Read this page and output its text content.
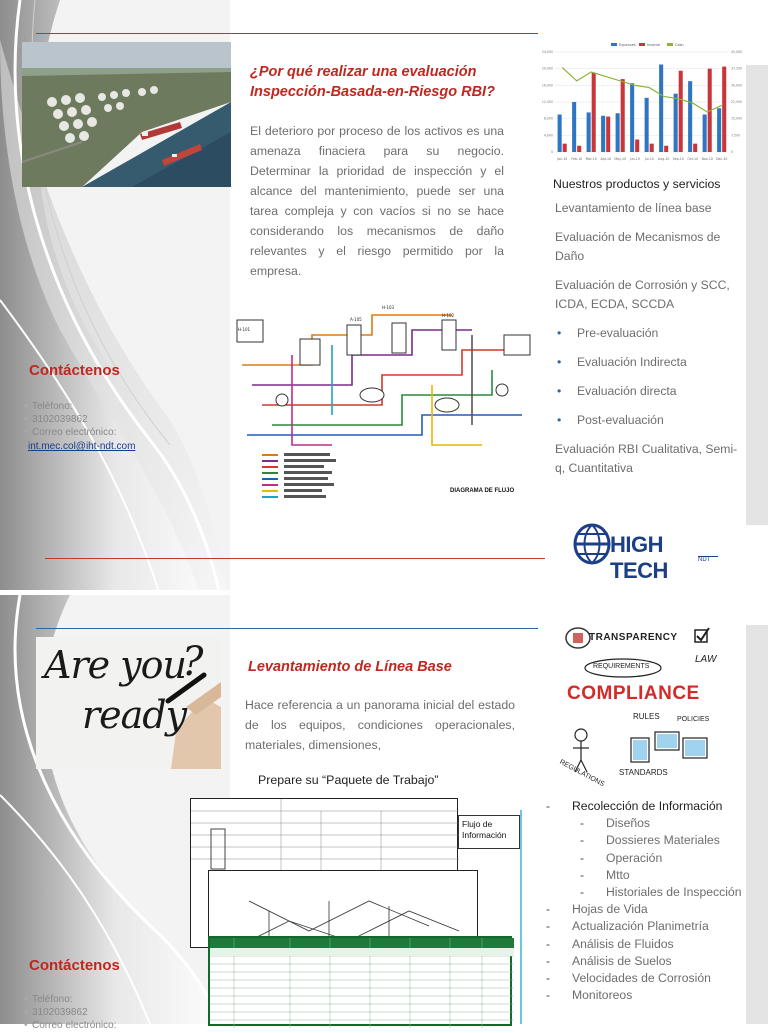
¿Por qué realizar una evaluación Inspección-Basada-en-Riesgo RBI?
El deterioro por proceso de los activos es una amenaza finaciera para su negocio. Determinar la prioridad de inspección y el alcance del mantenimiento, puede ser una tarea compleja y con vacíos si no se hace considerando los mecanismos de daño relevantes y el riesgo permitido por la empresa.
Jan-10 Feb-10 Mar-10 Apr-10 May-10	Jun-10	Jul-10 Aug-10 Sep-10 Oct-10 Nov-10 Dec-10
Expenses	Income	Cash
0	0
4,000	7,500
8,000	15,000
12,000	22,500
16,000	30,000
20,000	37,500
24,000	45,000
Nuestros productos y servicios
Levantamiento de línea base
Evaluación de Mecanismos de Daño
Evaluación de Corrosión y SCC, ICDA, ECDA, SCCDA
• Pre-evaluación
• Evaluación Indirecta
• Evaluación directa
• Post-evaluación
Evaluación RBI Cualitativa, Semi-q, Cuantitativa
H-101
A-105
H-102
H-103
DIAGRAMA DE FLUJO
Contáctenos
• Teléfono:
• 3102039862
• Correo electrónico:
int.mec.col@iht-ndt.com
HIGH TECH	NDT
Are you
ready
?	Levantamiento de Línea Base
Hace referencia a un panorama inicial del estado de los equipos, condiciones operacionales, materiales, dimensiones,
TRANSPARENCY
LAW
REQUIREMENTS
COMPLIANCE
RULES POLICIES
REGULATIONS STANDARDS
Contáctenos
• Teléfono:
• 3102039862
• Correo electrónico:
Prepare su “Paquete de Trabajo”
Flujo de Información
- Recolección de Información
- Diseños
- Dossieres Materiales
- Operación
- Mtto
- Historiales de Inspección
- Hojas de Vida
- Actualización Planimetría
- Análisis de Fluidos
- Análisis de Suelos
- Velocidades de Corrosión
- Monitoreos
